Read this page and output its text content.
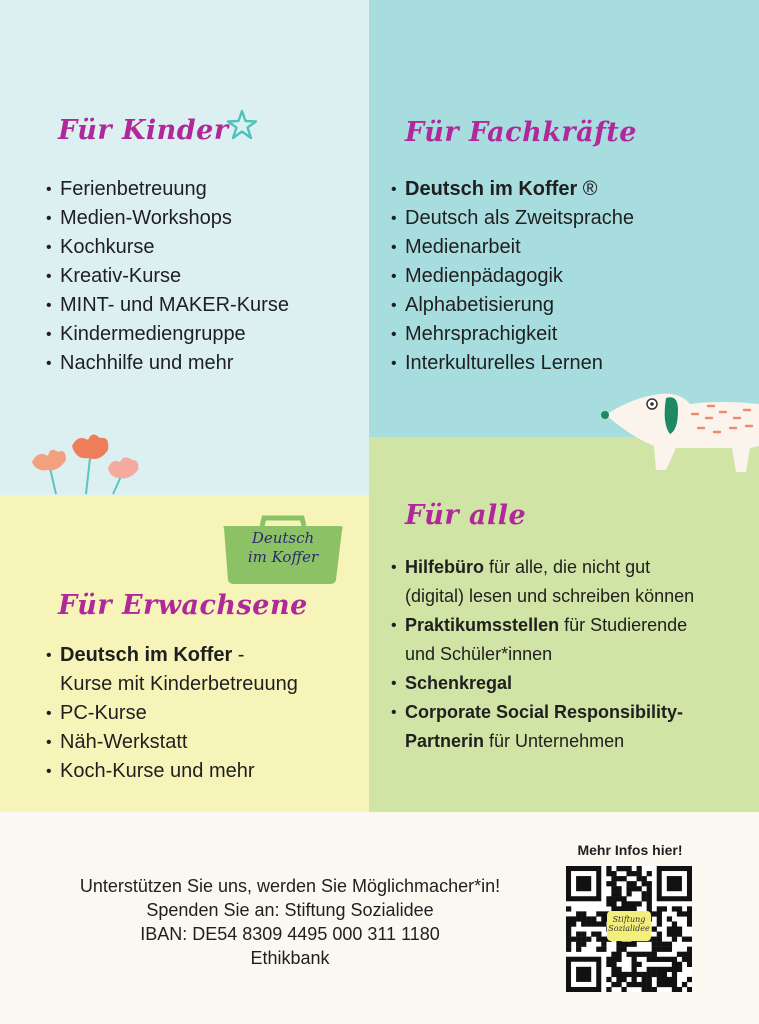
Für Kinder
• Ferienbetreuung
• Medien-Workshops
• Kochkurse
• Kreativ-Kurse
• MINT- und MAKER-Kurse
• Kindermediengruppe
• Nachhilfe und mehr
Für Fachkräfte
• Deutsch im Koffer ®
• Deutsch als Zweitsprache
• Medienarbeit
• Medienpädagogik
• Alphabetisierung
• Mehrsprachigkeit
• Interkulturelles Lernen
Deutsch
im Koffer
Für Erwachsene
• Deutsch im Koffer -
Kurse mit Kinderbetreuung
• PC-Kurse
• Näh-Werkstatt
• Koch-Kurse und mehr
Für alle
• Hilfebüro für alle, die nicht gut
(digital) lesen und schreiben können
• Praktikumsstellen für Studierende
und Schüler*innen
• Schenkregal
• Corporate Social Responsibility-
Partnerin für Unternehmen
Unterstützen Sie uns, werden Sie Möglichmacher*in!
Spenden Sie an: Stiftung Sozialidee
IBAN: DE54 8309 4495 000 311 1180
Ethikbank
Mehr Infos hier!
Stiftung
Sozialidee
